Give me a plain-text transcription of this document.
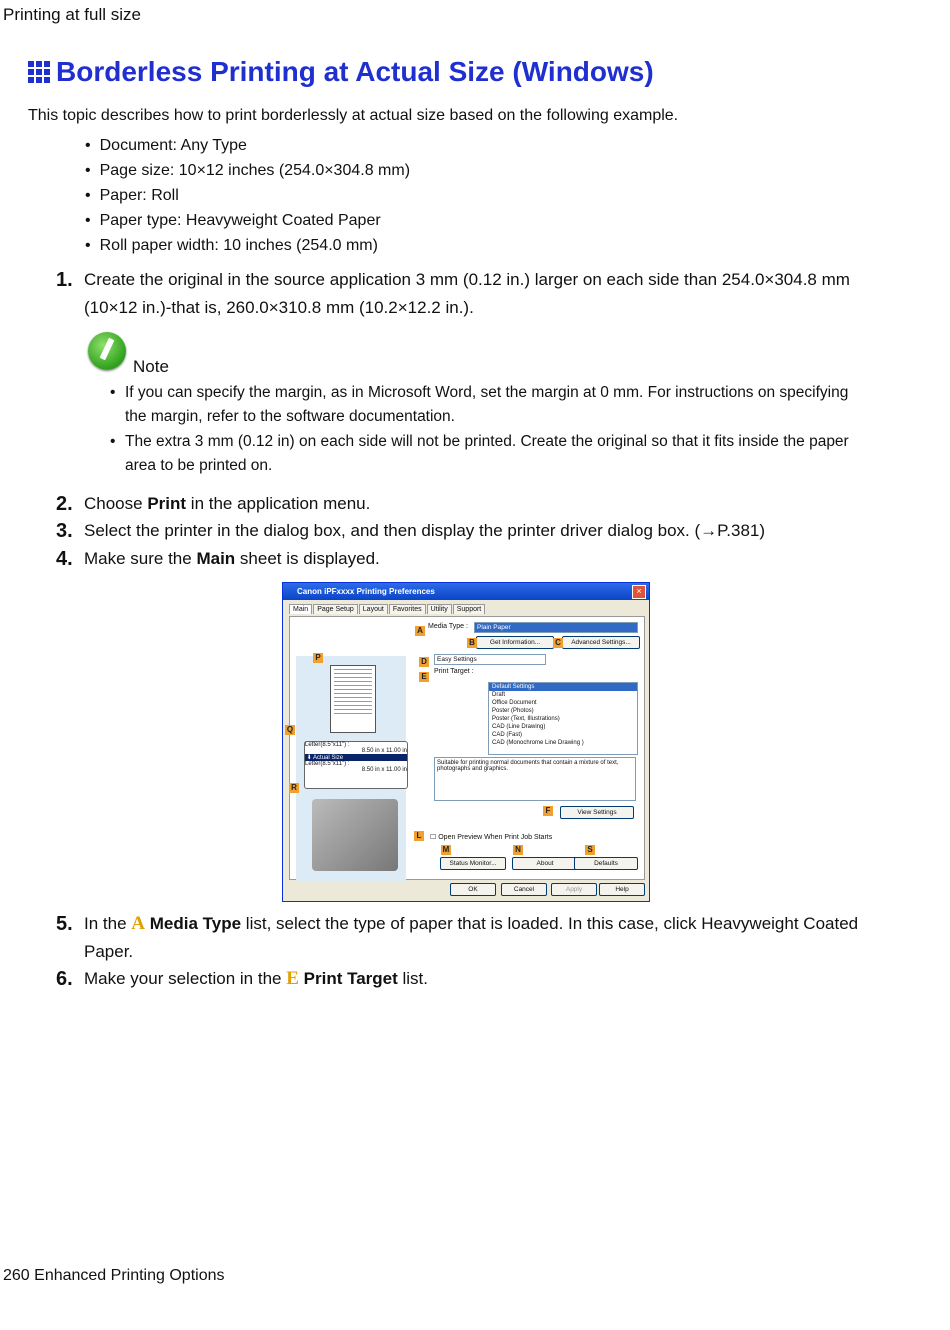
Printing at full size
Borderless Printing at Actual Size (Windows)
This topic describes how to print borderlessly at actual size based on the following example.
• Document: Any Type
• Page size: 10×12 inches (254.0×304.8 mm)
• Paper: Roll
• Paper type: Heavyweight Coated Paper
• Roll paper width: 10 inches (254.0 mm)
1. Create the original in the source application 3 mm (0.12 in.) larger on each side than 254.0×304.8 mm (10×12 in.)-that is, 260.0×310.8 mm (10.2×12.2 in.).
Note
• If you can specify the margin, as in Microsoft Word, set the margin at 0 mm. For instructions on specifying the margin, refer to the software documentation.
• The extra 3 mm (0.12 in) on each side will not be printed. Create the original so that it fits inside the paper area to be printed on.
2. Choose Print in the application menu.
3. Select the printer in the dialog box, and then display the printer driver dialog box. (→P.381)
4. Make sure the Main sheet is displayed.
Canon iPFxxxx Printing Preferences	×
Main	Page Setup	Layout	Favorites	Utility	Support
Letter(8.5"x11") :
8.50 in x 11.00 in
⬇ Actual Size
Letter(8.5"x11") :
8.50 in x 11.00 in
Media Type :	Plain Paper
Get Information...	Advanced Settings...
Easy Settings
Print Target :
Default Settings
Draft
Office Document
Poster (Photos)
Poster (Text, Illustrations)
CAD (Line Drawing)
CAD (Fast)
CAD (Monochrome Line Drawing )
Suitable for printing normal documents that contain a mixture of text, photographs and graphics.
View Settings
☐ Open Preview When Print Job Starts
Status Monitor...	About	Defaults
OK	Cancel	Apply	Help
A
B	C
D
E
F
L
M	N	S
P
Q
R
5. In the A Media Type list, select the type of paper that is loaded. In this case, click Heavyweight Coated Paper.
6. Make your selection in the E Print Target list.
260 Enhanced Printing Options
